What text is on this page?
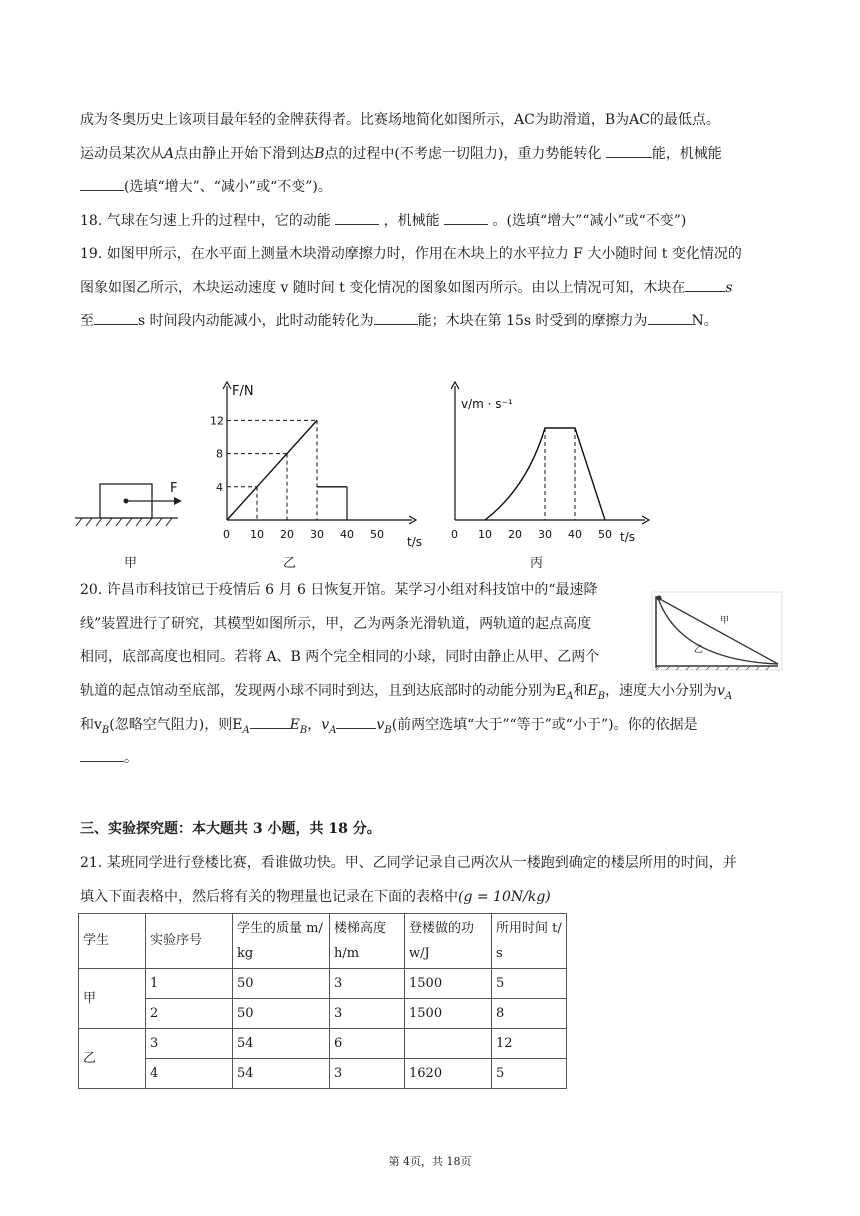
成为冬奥历史上该项目最年轻的金牌获得者。比赛场地简化如图所示，AC为助滑道，B为AC的最低点。
运动员某次从A点由静止开始下滑到达B点的过程中(不考虑一切阻力)，重力势能转化	能，机械能
(选填“增大”、“减小”或“不变”)。
18. 气球在匀速上升的过程中，它的动能	，机械能	。(选填“增大”“减小”或“不变”)
19. 如图甲所示，在水平面上测量木块滑动摩擦力时，作用在木块上的水平拉力 F 大小随时间 t 变化情况的
图象如图乙所示，木块运动速度 v 随时间 t 变化情况的图象如图丙所示。由以上情况可知，木块在	s
至	s 时间段内动能减小，此时动能转化为	能；木块在第 15s 时受到的摩擦力为	N。
F
甲
F/N
t/s
0 10 20 30 40 50
4
8
12
乙
v/m · s⁻¹
t/s
0 10 20 30 40 50
丙
20. 许昌市科技馆已于疫情后 6 月 6 日恢复开馆。某学习小组对科技馆中的“最速降
线”装置进行了研究，其模型如图所示，甲，乙为两条光滑轨道，两轨道的起点高度
相同，底部高度也相同。若将 A、B 两个完全相同的小球，同时由静止从甲、乙两个
轨道的起点馆动至底部，发现两小球不同时到达，且到达底部时的动能分别为$E_A$和$E_B$，速度大小分别为$v_A$
和$v_B$(忽略空气阻力)，则$E_A$	$E_B$，$v_A$	$v_B$(前两空选填“大于”“等于”或“小于”)。你的依据是
。
甲
乙
三、实验探究题：本大题共 3 小题，共 18 分。
21. 某班同学进行登楼比赛，看谁做功快。甲、乙同学记录自己两次从一楼跑到确定的楼层所用的时间，并
填入下面表格中，然后将有关的物理量也记录在下面的表格中(g = 10N/kg)
学生	实验序号	学生的质量 m/ kg	楼梯高度 h/m	登楼做的功 w/J	所用时间 t/ s
甲	1	50	3	1500	5
	2	50	3	1500	8
乙	3	54	6		12
	4	54	3	1620	5
第 4页，共 18页
